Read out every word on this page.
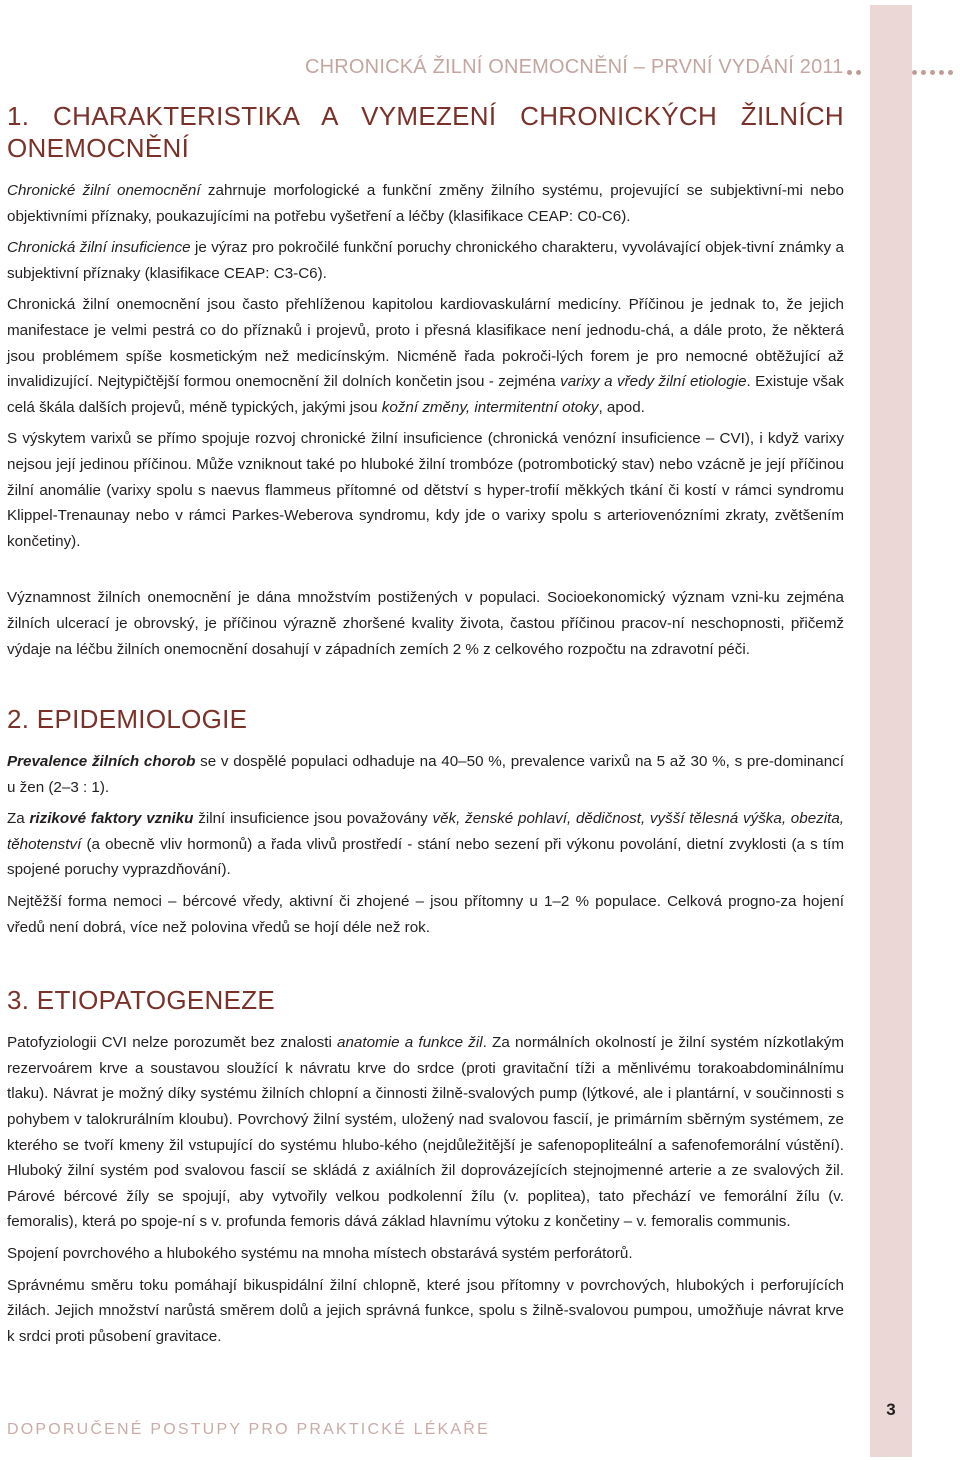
3
CHRONICKÁ ŽILNÍ ONEMOCNĚNÍ – PRVNÍ VYDÁNÍ 2011
1. CHARAKTERISTIKA A VYMEZENÍ CHRONICKÝCH ŽILNÍCH ONEMOCNĚNÍ

Chronické žilní onemocnění zahrnuje morfologické a funkční změny žilního systému, projevující se subjektivní-mi nebo objektivními příznaky, poukazujícími na potřebu vyšetření a léčby (klasifikace CEAP: C0-C6).

Chronická žilní insuficience je výraz pro pokročilé funkční poruchy chronického charakteru, vyvolávající objek-tivní známky a subjektivní příznaky (klasifikace CEAP: C3-C6).

Chronická žilní onemocnění jsou často přehlíženou kapitolou kardiovaskulární medicíny. Příčinou je jednak to, že jejich manifestace je velmi pestrá co do příznaků i projevů, proto i přesná klasifikace není jednodu-chá, a dále proto, že některá jsou problémem spíše kosmetickým než medicínským. Nicméně řada pokroči-lých forem je pro nemocné obtěžující až invalidizující. Nejtypičtější formou onemocnění žil dolních končetin jsou - zejména varixy a vředy žilní etiologie. Existuje však celá škála dalších projevů, méně typických, jakými jsou kožní změny, intermitentní otoky, apod.

S výskytem varixů se přímo spojuje rozvoj chronické žilní insuficience (chronická venózní insuficience – CVI), i když varixy nejsou její jedinou příčinou. Může vzniknout také po hluboké žilní trombóze (potrombotický stav) nebo vzácně je její příčinou žilní anomálie (varixy spolu s naevus flammeus přítomné od dětství s hyper-trofií měkkých tkání či kostí v rámci syndromu Klippel-Trenaunay nebo v rámci Parkes-Weberova syndromu, kdy jde o varixy spolu s arteriovenózními zkraty, zvětšením končetiny).

Významnost žilních onemocnění je dána množstvím postižených v populaci. Socioekonomický význam vzni-ku zejména žilních ulcerací je obrovský, je příčinou výrazně zhoršené kvality života, častou příčinou pracov-ní neschopnosti, přičemž výdaje na léčbu žilních onemocnění dosahují v západních zemích 2 % z celkového rozpočtu na zdravotní péči.

2. EPIDEMIOLOGIE

Prevalence žilních chorob se v dospělé populaci odhaduje na 40–50 %, prevalence varixů na 5 až 30 %, s pre-dominancí u žen (2–3 : 1).

Za rizikové faktory vzniku žilní insuficience jsou považovány věk, ženské pohlaví, dědičnost, vyšší tělesná výška, obezita, těhotenství (a obecně vliv hormonů) a řada vlivů prostředí - stání nebo sezení při výkonu povolání, dietní zvyklosti (a s tím spojené poruchy vyprazdňování).

Nejtěžší forma nemoci – bércové vředy, aktivní či zhojené – jsou přítomny u 1–2 % populace. Celková progno-za hojení vředů není dobrá, více než polovina vředů se hojí déle než rok.

3. ETIOPATOGENEZE

Patofyziologii CVI nelze porozumět bez znalosti anatomie a funkce žil. Za normálních okolností je žilní systém nízkotlakým rezervoárem krve a soustavou sloužící k návratu krve do srdce (proti gravitační tíži a měnlivému torakoabdominálnímu tlaku). Návrat je možný díky systému žilních chlopní a činnosti žilně-svalových pump (lýtkové, ale i plantární, v součinnosti s pohybem v talokrurálním kloubu). Povrchový žilní systém, uložený nad svalovou fascií, je primárním sběrným systémem, ze kterého se tvoří kmeny žil vstupující do systému hlubo-kého (nejdůležitější je safenopopliteální a safenofemorální vústění). Hluboký žilní systém pod svalovou fascií se skládá z axiálních žil doprovázejících stejnojmenné arterie a ze svalových žil. Párové bércové žíly se spojují, aby vytvořily velkou podkolenní žílu (v. poplitea), tato přechází ve femorální žílu (v. femoralis), která po spoje-ní s v. profunda femoris dává základ hlavnímu výtoku z končetiny – v. femoralis communis.

Spojení povrchového a hlubokého systému na mnoha místech obstarává systém perforátorů.

Správnému směru toku pomáhají bikuspidální žilní chlopně, které jsou přítomny v povrchových, hlubokých i perforujících žilách. Jejich množství narůstá směrem dolů a jejich správná funkce, spolu s žilně-svalovou pumpou, umožňuje návrat krve k srdci proti působení gravitace.

DOPORUČENÉ POSTUPY PRO PRAKTICKÉ LÉKAŘE
